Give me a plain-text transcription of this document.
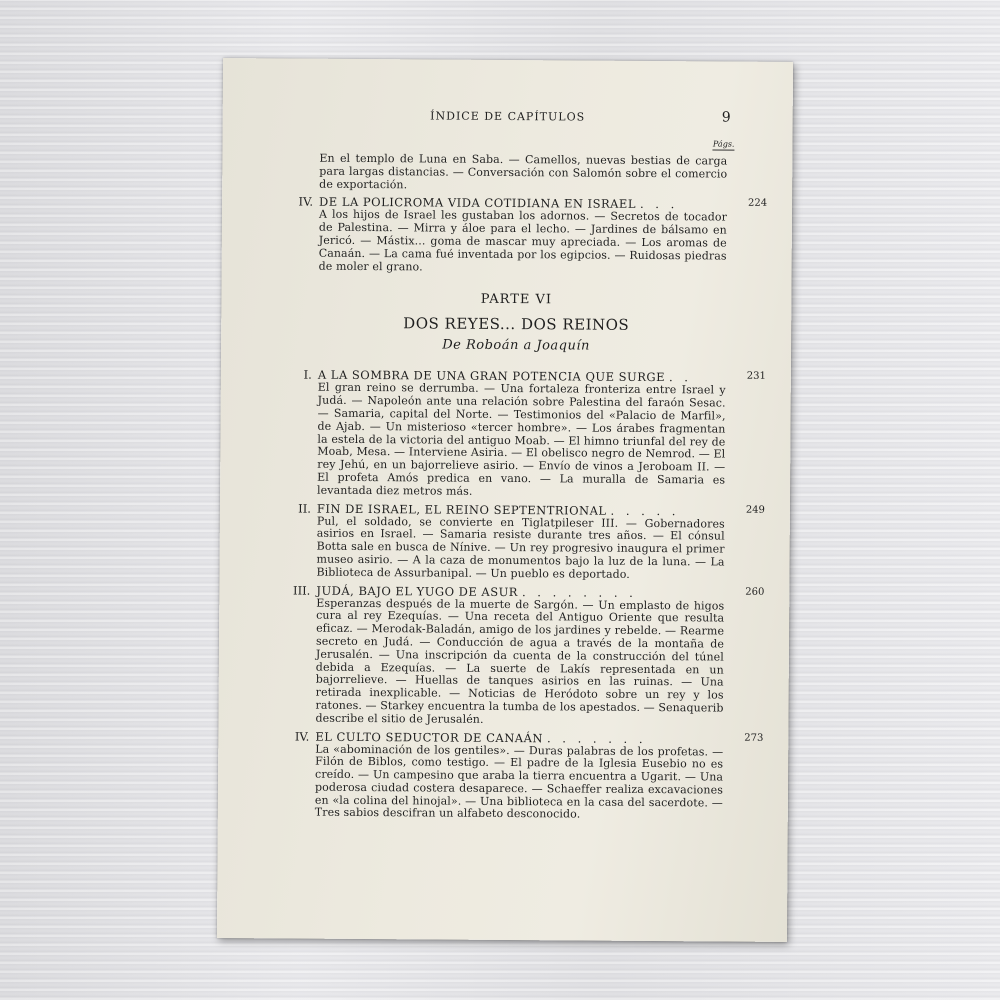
ÍNDICE DE CAPÍTULOS	9
Págs.

En el templo de Luna en Saba. — Camellos, nuevas bestias de carga para largas distancias. — Conversación con Salomón sobre el comercio de exportación.

IV. DE LA POLICROMA VIDA COTIDIANA EN ISRAEL . . .	224

A los hijos de Israel les gustaban los adornos. — Secretos de tocador de Palestina. — Mirra y áloe para el lecho. — Jardines de bálsamo en Jericó. — Mástix... goma de mascar muy apreciada. — Los aromas de Canaán. — La cama fué inventada por los egipcios. — Ruidosas piedras de moler el grano.

PARTE VI
DOS REYES... DOS REINOS
De Roboán a Joaquín
I. A LA SOMBRA DE UNA GRAN POTENCIA QUE SURGE . .	231

El gran reino se derrumba. — Una fortaleza fronteriza entre Israel y Judá. — Napoleón ante una relación sobre Palestina del faraón Sesac. — Samaria, capital del Norte. — Testimonios del «Palacio de Marfil», de Ajab. — Un misterioso «tercer hombre». — Los árabes fragmentan la estela de la victoria del antiguo Moab. — El himno triunfal del rey de Moab, Mesa. — Interviene Asiria. — El obelisco negro de Nemrod. — El rey Jehú, en un bajorrelieve asirio. — Envío de vinos a Jeroboam II. — El profeta Amós predica en vano. — La muralla de Samaria es levantada diez metros más.

II. FIN DE ISRAEL, EL REINO SEPTENTRIONAL . . . . .	249

Pul, el soldado, se convierte en Tiglatpileser III. — Gobernadores asirios en Israel. — Samaria resiste durante tres años. — El cónsul Botta sale en busca de Nínive. — Un rey progresivo inaugura el primer museo asirio. — A la caza de monumentos bajo la luz de la luna. — La Biblioteca de Assurbanipal. — Un pueblo es deportado.

III. JUDÁ, BAJO EL YUGO DE ASUR . . . . . . . .	260

Esperanzas después de la muerte de Sargón. — Un emplasto de higos cura al rey Ezequías. — Una receta del Antiguo Oriente que resulta eficaz. — Merodak-Baladán, amigo de los jardines y rebelde. — Rearme secreto en Judá. — Conducción de agua a través de la montaña de Jerusalén. — Una inscripción da cuenta de la construcción del túnel debida a Ezequías. — La suerte de Lakís representada en un bajorrelieve. — Huellas de tanques asirios en las ruinas. — Una retirada inexplicable. — Noticias de Heródoto sobre un rey y los ratones. — Starkey encuentra la tumba de los apestados. — Senaquerib describe el sitio de Jerusalén.

IV. EL CULTO SEDUCTOR DE CANAÁN . . . . . . .	273

La «abominación de los gentiles». — Duras palabras de los profetas. — Filón de Biblos, como testigo. — El padre de la Iglesia Eusebio no es creído. — Un campesino que araba la tierra encuentra a Ugarit. — Una poderosa ciudad costera desaparece. — Schaeffer realiza excavaciones en «la colina del hinojal». — Una biblioteca en la casa del sacerdote. — Tres sabios descifran un alfabeto desconocido.
